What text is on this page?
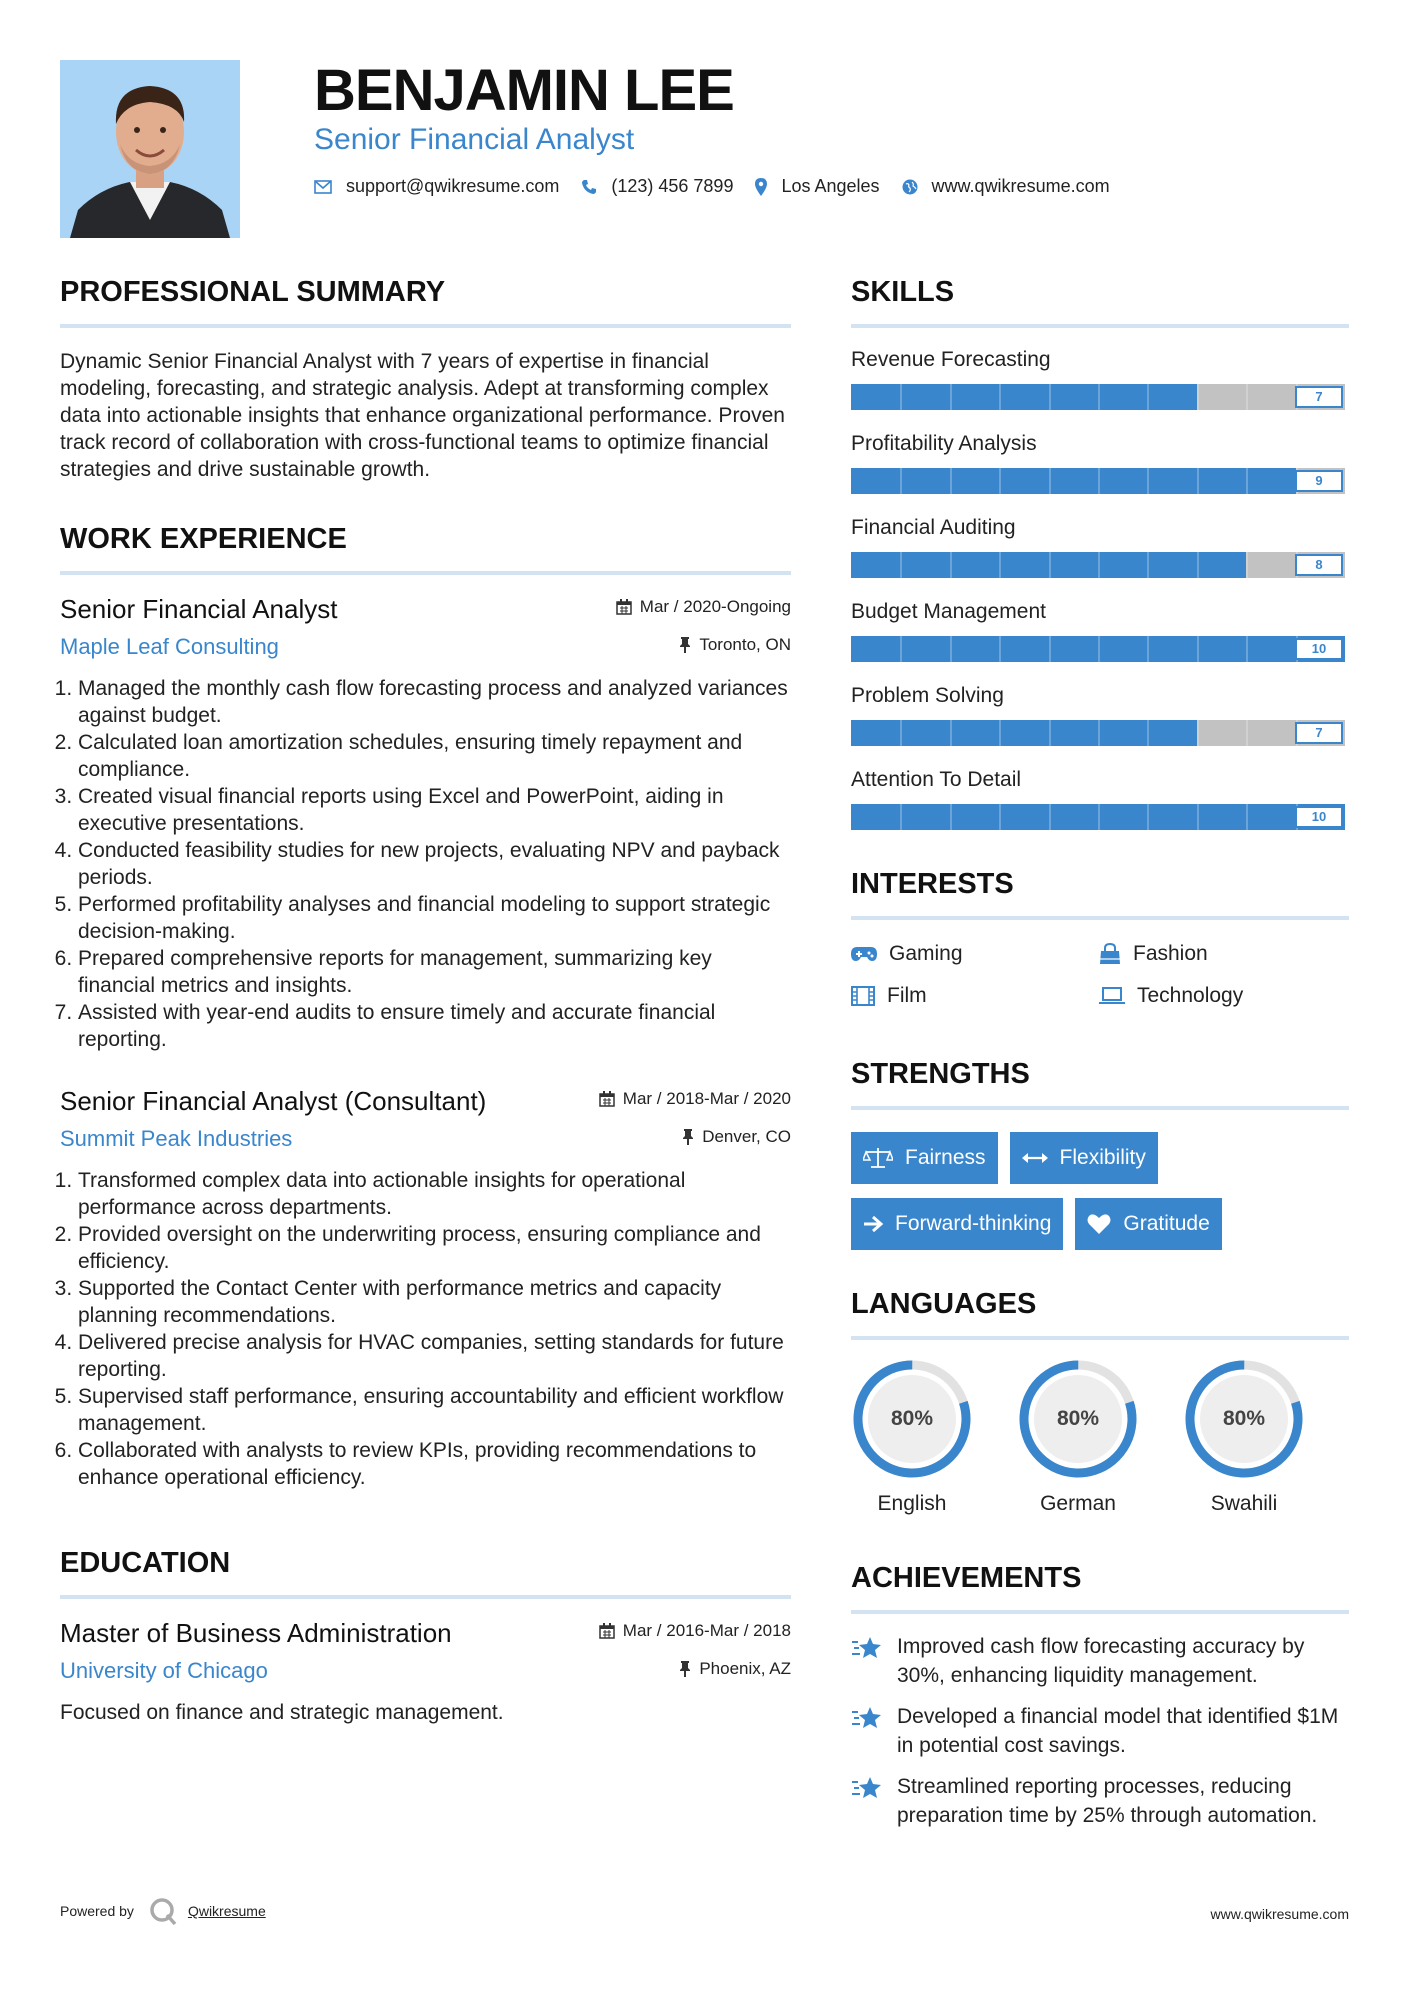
BENJAMIN LEE
Senior Financial Analyst
support@qwikresume.com	(123) 456 7899	Los Angeles	www.qwikresume.com
PROFESSIONAL SUMMARY
Dynamic Senior Financial Analyst with 7 years of expertise in financial modeling, forecasting, and strategic analysis. Adept at transforming complex data into actionable insights that enhance organizational performance. Proven track record of collaboration with cross-functional teams to optimize financial strategies and drive sustainable growth.
WORK EXPERIENCE
Senior Financial Analyst
Maple Leaf Consulting
Mar / 2020-Ongoing
Toronto, ON
1. Managed the monthly cash flow forecasting process and analyzed variances against budget.
2. Calculated loan amortization schedules, ensuring timely repayment and compliance.
3. Created visual financial reports using Excel and PowerPoint, aiding in executive presentations.
4. Conducted feasibility studies for new projects, evaluating NPV and payback periods.
5. Performed profitability analyses and financial modeling to support strategic decision-making.
6. Prepared comprehensive reports for management, summarizing key financial metrics and insights.
7. Assisted with year-end audits to ensure timely and accurate financial reporting.
Senior Financial Analyst (Consultant)
Summit Peak Industries
Mar / 2018-Mar / 2020
Denver, CO
1. Transformed complex data into actionable insights for operational performance across departments.
2. Provided oversight on the underwriting process, ensuring compliance and efficiency.
3. Supported the Contact Center with performance metrics and capacity planning recommendations.
4. Delivered precise analysis for HVAC companies, setting standards for future reporting.
5. Supervised staff performance, ensuring accountability and efficient workflow management.
6. Collaborated with analysts to review KPIs, providing recommendations to enhance operational efficiency.
EDUCATION
Master of Business Administration
University of Chicago
Mar / 2016-Mar / 2018
Phoenix, AZ
Focused on finance and strategic management.
SKILLS
Revenue Forecasting
7
Profitability Analysis
9
Financial Auditing
8
Budget Management
10
Problem Solving
7
Attention To Detail
10
INTERESTS
Gaming	Fashion
Film	Technology
STRENGTHS
Fairness	Flexibility
Forward-thinking	Gratitude
LANGUAGES
80%
English
80%
German
80%
Swahili
ACHIEVEMENTS
Improved cash flow forecasting accuracy by 30%, enhancing liquidity management.
Developed a financial model that identified $1M in potential cost savings.
Streamlined reporting processes, reducing preparation time by 25% through automation.
Powered by	Qwikresume	www.qwikresume.com
